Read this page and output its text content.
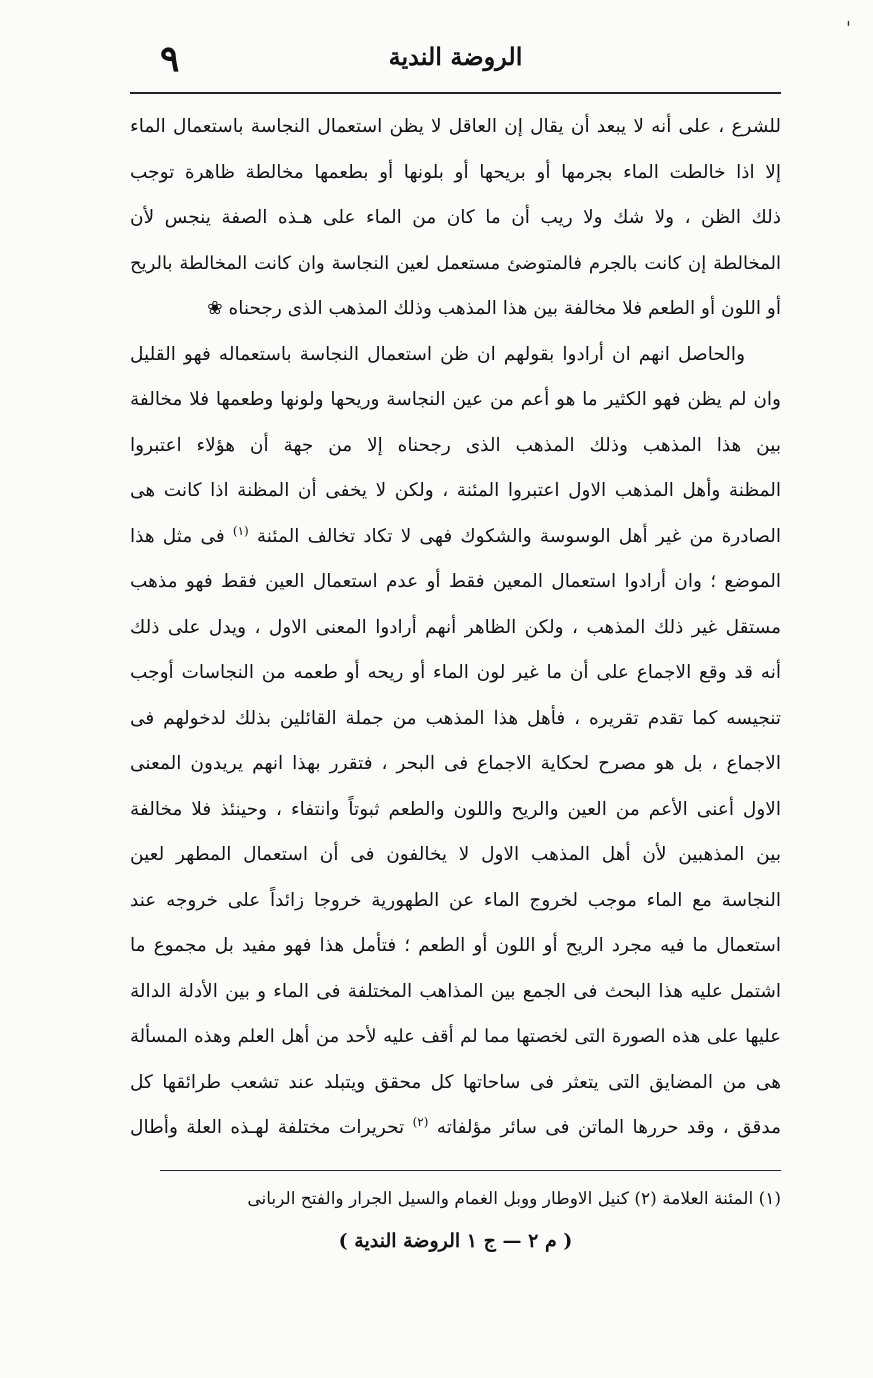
'
الروضة الندية
٩
للشرع ، على أنه لا يبعد أن يقال إن العاقل لا يظن استعمال النجاسة باستعمال الماء
إلا اذا خالطت الماء بجرمها أو بريحها أو بلونها أو بطعمها مخالطة ظاهرة توجب
ذلك الظن ، ولا شك ولا ريب أن ما كان من الماء على هـذه الصفة ينجس لأن
المخالطة إن كانت بالجرم فالمتوضئ مستعمل لعين النجاسة وان كانت المخالطة بالريح
أو اللون أو الطعم فلا مخالفة بين هذا المذهب وذلك المذهب الذى رجحناه ❀
والحاصل انهم ان أرادوا بقولهم ان ظن استعمال النجاسة باستعماله فهو القليل
وان لم يظن فهو الكثير ما هو أعم من عين النجاسة وريحها ولونها وطعمها فلا مخالفة
بين هذا المذهب وذلك المذهب الذى رجحناه إلا من جهة أن هؤلاء اعتبروا
المظنة وأهل المذهب الاول اعتبروا المئنة ، ولكن لا يخفى أن المظنة اذا كانت هى
الصادرة من غير أهل الوسوسة والشكوك فهى لا تكاد تخالف المئنة $^{(١)}$ فى مثل هذا
الموضع ؛ وان أرادوا استعمال المعين فقط أو عدم استعمال العين فقط فهو مذهب
مستقل غير ذلك المذهب ، ولكن الظاهر أنهم أرادوا المعنى الاول ، ويدل على ذلك
أنه قد وقع الاجماع على أن ما غير لون الماء أو ريحه أو طعمه من النجاسات أوجب
تنجيسه كما تقدم تقريره ، فأهل هذا المذهب من جملة القائلين بذلك لدخولهم فى
الاجماع ، بل هو مصرح لحكاية الاجماع فى البحر ، فتقرر بهذا انهم يريدون المعنى
الاول أعنى الأعم من العين والريح واللون والطعم ثبوتاً وانتفاء ، وحينئذ فلا مخالفة
بين المذهبين لأن أهل المذهب الاول لا يخالفون فى أن استعمال المطهر لعين
النجاسة مع الماء موجب لخروج الماء عن الطهورية خروجا زائداً على خروجه عند
استعمال ما فيه مجرد الريح أو اللون أو الطعم ؛ فتأمل هذا فهو مفيد بل مجموع ما
اشتمل عليه هذا البحث فى الجمع بين المذاهب المختلفة فى الماء و بين الأدلة الدالة
عليها على هذه الصورة التى لخصتها مما لم أقف عليه لأحد من أهل العلم وهذه المسألة
هى من المضايق التى يتعثر فى ساحاتها كل محقق ويتبلد عند تشعب طرائقها كل
مدقق ، وقد حررها الماتن فى سائر مؤلفاته $^{(٢)}$ تحريرات مختلفة لهـذه العلة وأطال
(١) المئنة العلامة (٢) كنيل الاوطار ووبل الغمام والسيل الجرار والفتح الربانى
( م ٢ — ج ١ الروضة الندية )
